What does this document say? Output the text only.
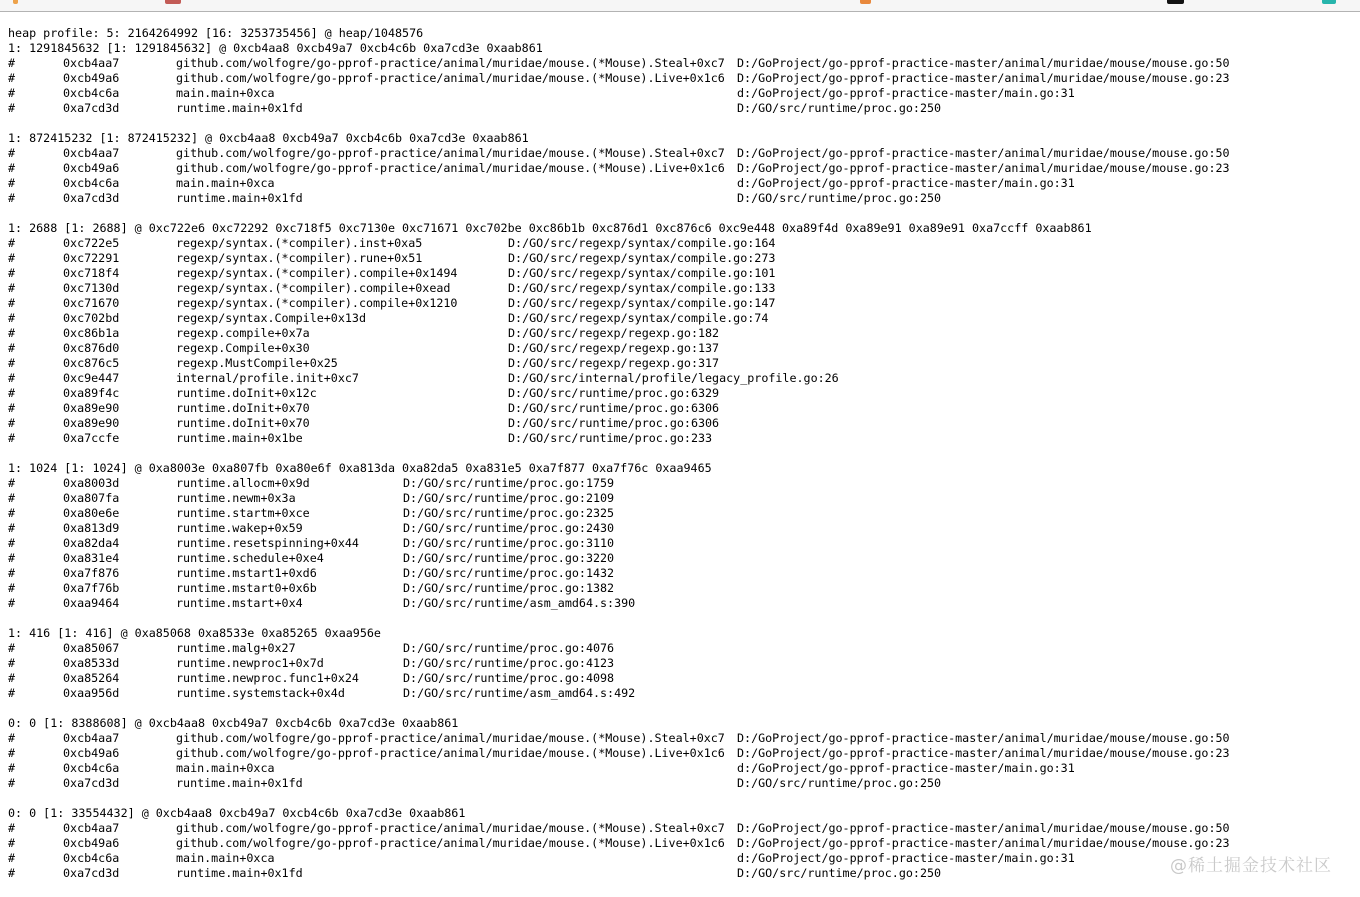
heap profile: 5: 2164264992 [16: 3253735456] @ heap/1048576
1: 1291845632 [1: 1291845632] @ 0xcb4aa8 0xcb49a7 0xcb4c6b 0xa7cd3e 0xaab861
#	0xcb4aa7	github.com/wolfogre/go-pprof-practice/animal/muridae/mouse.(*Mouse).Steal+0xc7 D:/GoProject/go-pprof-practice-master/animal/muridae/mouse/mouse.go:50
#	0xcb49a6	github.com/wolfogre/go-pprof-practice/animal/muridae/mouse.(*Mouse).Live+0x1c6 D:/GoProject/go-pprof-practice-master/animal/muridae/mouse/mouse.go:23
#	0xcb4c6a	main.main+0xca	d:/GoProject/go-pprof-practice-master/main.go:31
#	0xa7cd3d	runtime.main+0x1fd	D:/GO/src/runtime/proc.go:250
1: 872415232 [1: 872415232] @ 0xcb4aa8 0xcb49a7 0xcb4c6b 0xa7cd3e 0xaab861
#	0xcb4aa7	github.com/wolfogre/go-pprof-practice/animal/muridae/mouse.(*Mouse).Steal+0xc7 D:/GoProject/go-pprof-practice-master/animal/muridae/mouse/mouse.go:50
#	0xcb49a6	github.com/wolfogre/go-pprof-practice/animal/muridae/mouse.(*Mouse).Live+0x1c6 D:/GoProject/go-pprof-practice-master/animal/muridae/mouse/mouse.go:23
#	0xcb4c6a	main.main+0xca	d:/GoProject/go-pprof-practice-master/main.go:31
#	0xa7cd3d	runtime.main+0x1fd	D:/GO/src/runtime/proc.go:250
1: 2688 [1: 2688] @ 0xc722e6 0xc72292 0xc718f5 0xc7130e 0xc71671 0xc702be 0xc86b1b 0xc876d1 0xc876c6 0xc9e448 0xa89f4d 0xa89e91 0xa89e91 0xa7ccff 0xaab861
#	0xc722e5	regexp/syntax.(*compiler).inst+0xa5	D:/GO/src/regexp/syntax/compile.go:164
#	0xc72291	regexp/syntax.(*compiler).rune+0x51	D:/GO/src/regexp/syntax/compile.go:273
#	0xc718f4	regexp/syntax.(*compiler).compile+0x1494	D:/GO/src/regexp/syntax/compile.go:101
#	0xc7130d	regexp/syntax.(*compiler).compile+0xead	D:/GO/src/regexp/syntax/compile.go:133
#	0xc71670	regexp/syntax.(*compiler).compile+0x1210	D:/GO/src/regexp/syntax/compile.go:147
#	0xc702bd	regexp/syntax.Compile+0x13d	D:/GO/src/regexp/syntax/compile.go:74
#	0xc86b1a	regexp.compile+0x7a	D:/GO/src/regexp/regexp.go:182
#	0xc876d0	regexp.Compile+0x30	D:/GO/src/regexp/regexp.go:137
#	0xc876c5	regexp.MustCompile+0x25	D:/GO/src/regexp/regexp.go:317
#	0xc9e447	internal/profile.init+0xc7	D:/GO/src/internal/profile/legacy_profile.go:26
#	0xa89f4c	runtime.doInit+0x12c	D:/GO/src/runtime/proc.go:6329
#	0xa89e90	runtime.doInit+0x70	D:/GO/src/runtime/proc.go:6306
#	0xa89e90	runtime.doInit+0x70	D:/GO/src/runtime/proc.go:6306
#	0xa7ccfe	runtime.main+0x1be	D:/GO/src/runtime/proc.go:233
1: 1024 [1: 1024] @ 0xa8003e 0xa807fb 0xa80e6f 0xa813da 0xa82da5 0xa831e5 0xa7f877 0xa7f76c 0xaa9465
#	0xa8003d	runtime.allocm+0x9d	D:/GO/src/runtime/proc.go:1759
#	0xa807fa	runtime.newm+0x3a	D:/GO/src/runtime/proc.go:2109
#	0xa80e6e	runtime.startm+0xce	D:/GO/src/runtime/proc.go:2325
#	0xa813d9	runtime.wakep+0x59	D:/GO/src/runtime/proc.go:2430
#	0xa82da4	runtime.resetspinning+0x44	D:/GO/src/runtime/proc.go:3110
#	0xa831e4	runtime.schedule+0xe4	D:/GO/src/runtime/proc.go:3220
#	0xa7f876	runtime.mstart1+0xd6	D:/GO/src/runtime/proc.go:1432
#	0xa7f76b	runtime.mstart0+0x6b	D:/GO/src/runtime/proc.go:1382
#	0xaa9464	runtime.mstart+0x4	D:/GO/src/runtime/asm_amd64.s:390
1: 416 [1: 416] @ 0xa85068 0xa8533e 0xa85265 0xaa956e
#	0xa85067	runtime.malg+0x27	D:/GO/src/runtime/proc.go:4076
#	0xa8533d	runtime.newproc1+0x7d	D:/GO/src/runtime/proc.go:4123
#	0xa85264	runtime.newproc.func1+0x24	D:/GO/src/runtime/proc.go:4098
#	0xaa956d	runtime.systemstack+0x4d	D:/GO/src/runtime/asm_amd64.s:492
0: 0 [1: 8388608] @ 0xcb4aa8 0xcb49a7 0xcb4c6b 0xa7cd3e 0xaab861
#	0xcb4aa7	github.com/wolfogre/go-pprof-practice/animal/muridae/mouse.(*Mouse).Steal+0xc7 D:/GoProject/go-pprof-practice-master/animal/muridae/mouse/mouse.go:50
#	0xcb49a6	github.com/wolfogre/go-pprof-practice/animal/muridae/mouse.(*Mouse).Live+0x1c6 D:/GoProject/go-pprof-practice-master/animal/muridae/mouse/mouse.go:23
#	0xcb4c6a	main.main+0xca	d:/GoProject/go-pprof-practice-master/main.go:31
#	0xa7cd3d	runtime.main+0x1fd	D:/GO/src/runtime/proc.go:250
0: 0 [1: 33554432] @ 0xcb4aa8 0xcb49a7 0xcb4c6b 0xa7cd3e 0xaab861
#	0xcb4aa7	github.com/wolfogre/go-pprof-practice/animal/muridae/mouse.(*Mouse).Steal+0xc7 D:/GoProject/go-pprof-practice-master/animal/muridae/mouse/mouse.go:50
#	0xcb49a6	github.com/wolfogre/go-pprof-practice/animal/muridae/mouse.(*Mouse).Live+0x1c6 D:/GoProject/go-pprof-practice-master/animal/muridae/mouse/mouse.go:23
#	0xcb4c6a	main.main+0xca	d:/GoProject/go-pprof-practice-master/main.go:31
#	0xa7cd3d	runtime.main+0x1fd	D:/GO/src/runtime/proc.go:250	@稀土掘金技术社区
